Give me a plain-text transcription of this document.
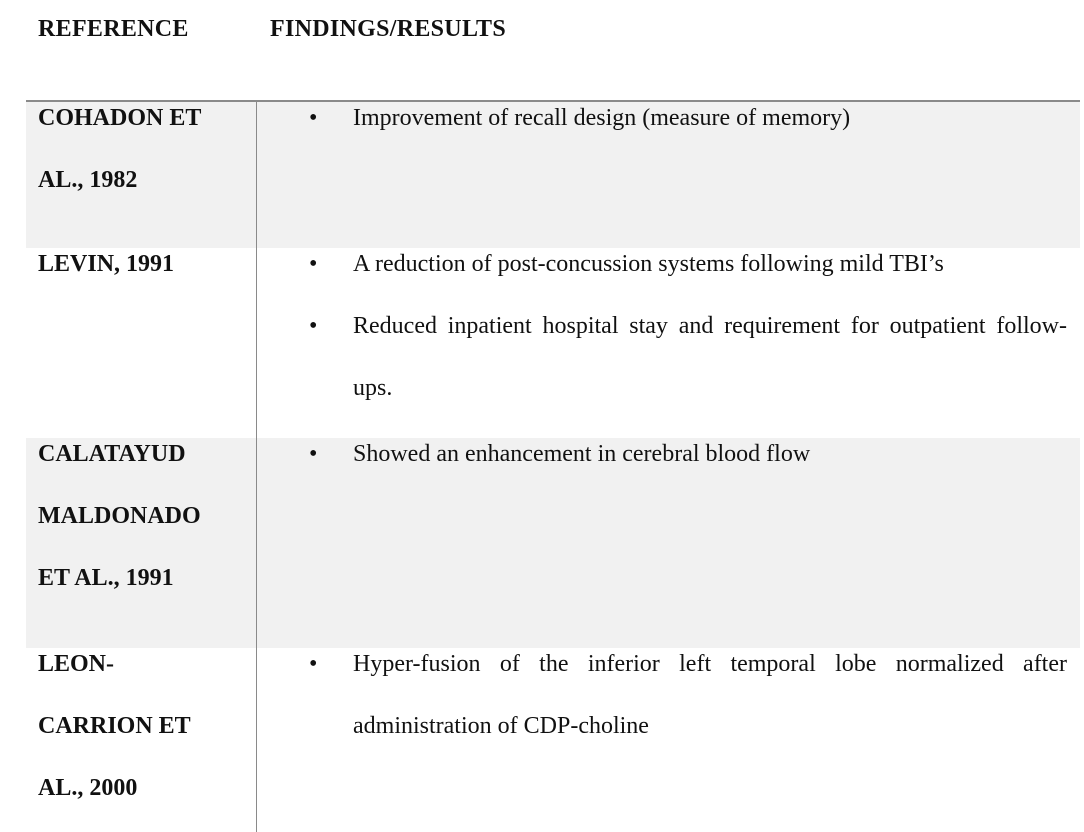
REFERENCE	FINDINGS/RESULTS
COHADON ET
AL., 1982
• Improvement of recall design (measure of memory)
LEVIN, 1991
•	A reduction of post-concussion systems following mild TBI’s
• Reduced inpatient hospital stay and requirement for outpatient follow-ups.
CALATAYUD
MALDONADO
ET AL., 1991
• Showed an enhancement in cerebral blood flow
LEON-
CARRION ET
AL., 2000
• Hyper-fusion of the inferior left temporal lobe normalized after administration of CDP-choline
